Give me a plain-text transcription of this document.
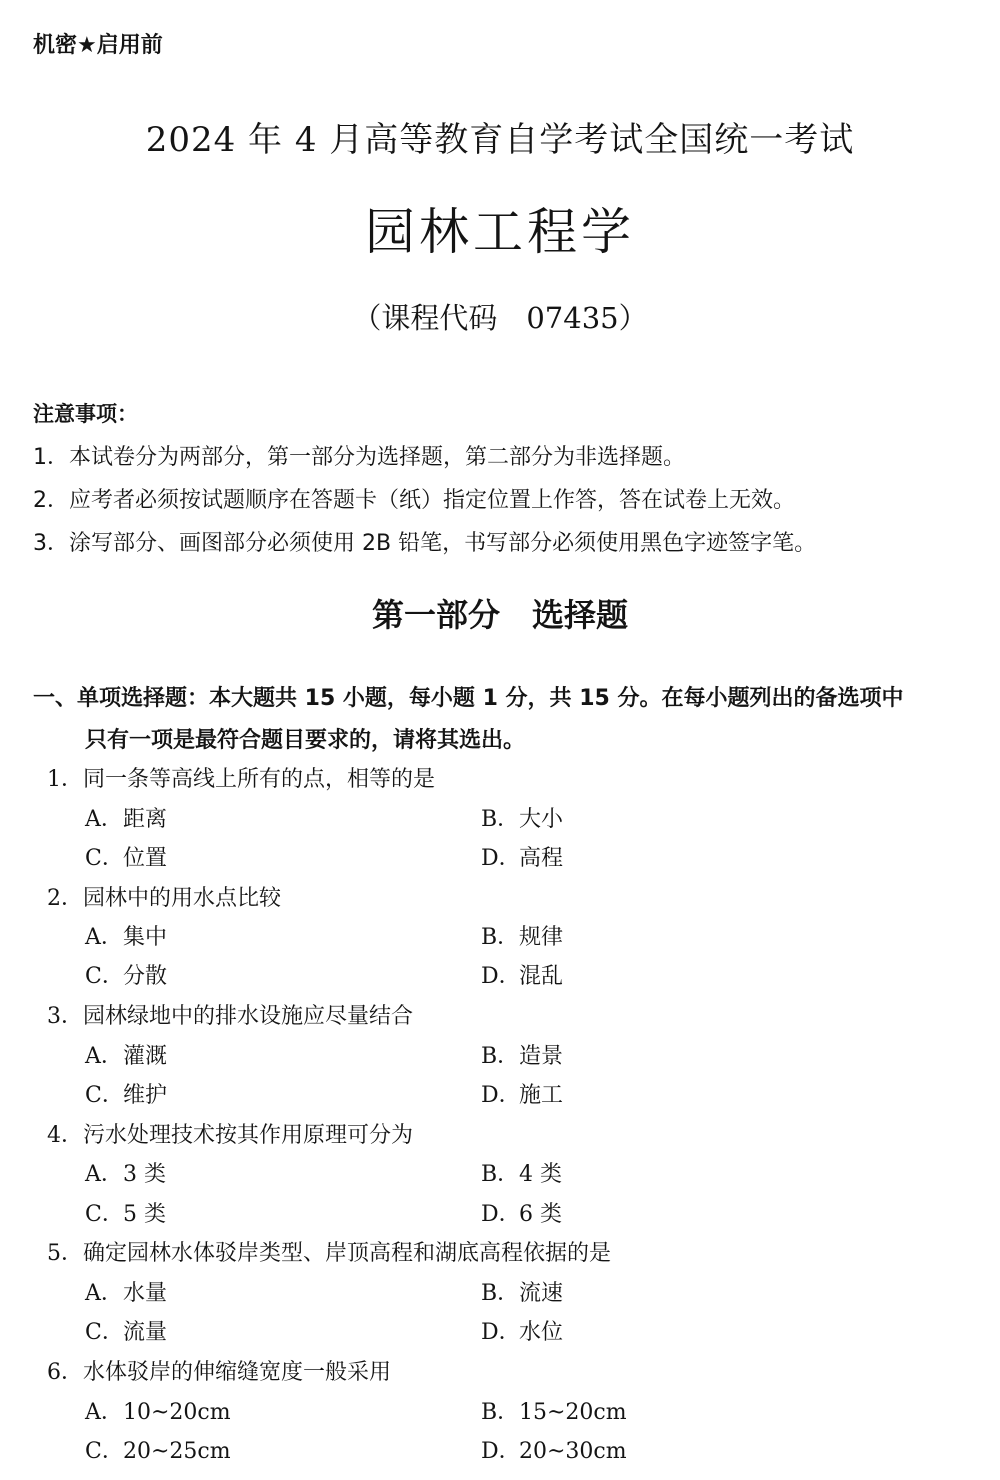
机密★启用前
2024 年 4 月高等教育自学考试全国统一考试
园林工程学
（课程代码　07435）
注意事项：
1．本试卷分为两部分，第一部分为选择题，第二部分为非选择题。
2．应考者必须按试题顺序在答题卡（纸）指定位置上作答，答在试卷上无效。
3．涂写部分、画图部分必须使用 2B 铅笔，书写部分必须使用黑色字迹签字笔。
第一部分　选择题
一、单项选择题：本大题共 15 小题，每小题 1 分，共 15 分。在每小题列出的备选项中
只有一项是最符合题目要求的，请将其选出。
1．同一条等高线上所有的点，相等的是
A．距离	B．大小
C．位置	D．高程
2．园林中的用水点比较
A．集中	B．规律
C．分散	D．混乱
3．园林绿地中的排水设施应尽量结合
A．灌溉	B．造景
C．维护	D．施工
4．污水处理技术按其作用原理可分为
A．3 类	B．4 类
C．5 类	D．6 类
5．确定园林水体驳岸类型、岸顶高程和湖底高程依据的是
A．水量	B．流速
C．流量	D．水位
6．水体驳岸的伸缩缝宽度一般采用
A．10~20cm	B．15~20cm
C．20~25cm	D．20~30cm
